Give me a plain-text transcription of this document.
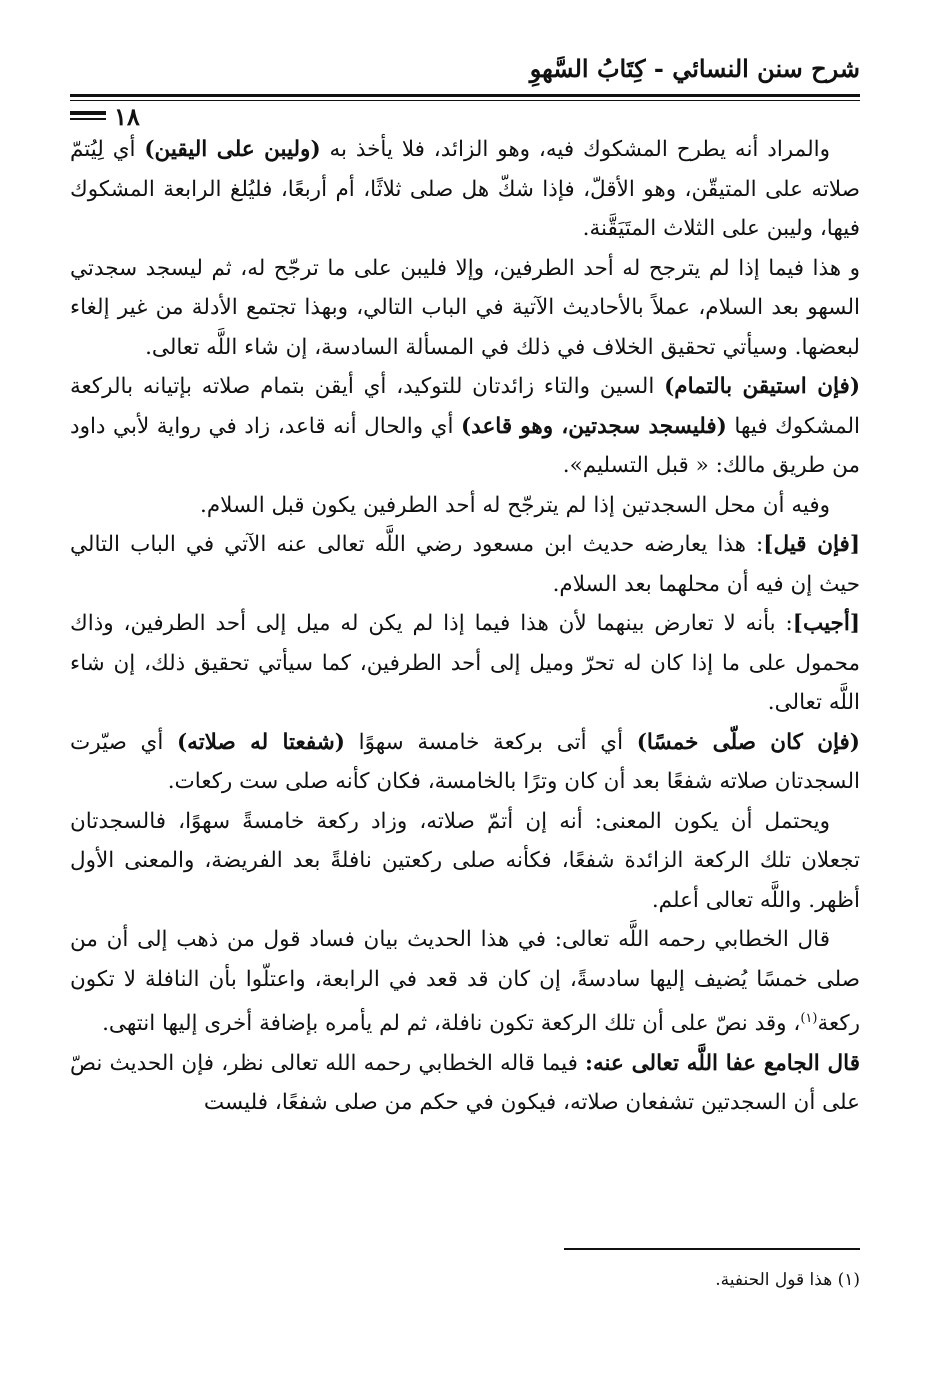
شرح سنن النسائي - كِتَابُ السَّهوِ
١٨

والمراد أنه يطرح المشكوك فيه، وهو الزائد، فلا يأخذ به (وليبن على اليقين) أي لِيُتمّ صلاته على المتيقّن، وهو الأقلّ، فإذا شكّ هل صلى ثلاثًا، أم أربعًا، فليُلغ الرابعة المشكوك فيها، وليبن على الثلاث المتَيَقَّنة.

و هذا فيما إذا لم يترجح له أحد الطرفين، وإلا فليبن على ما ترجّح له، ثم ليسجد سجدتي السهو بعد السلام، عملاً بالأحاديث الآتية في الباب التالي، وبهذا تجتمع الأدلة من غير إلغاء لبعضها. وسيأتي تحقيق الخلاف في ذلك في المسألة السادسة، إن شاء اللَّه تعالى.

(فإن استيقن بالتمام) السين والتاء زائدتان للتوكيد، أي أيقن بتمام صلاته بإتيانه بالركعة المشكوك فيها (فليسجد سجدتين، وهو قاعد) أي والحال أنه قاعد، زاد في رواية لأبي داود من طريق مالك: « قبل التسليم».

وفيه أن محل السجدتين إذا لم يترجّح له أحد الطرفين يكون قبل السلام.

[فإن قيل]: هذا يعارضه حديث ابن مسعود رضي اللَّه تعالى عنه الآتي في الباب التالي حيث إن فيه أن محلهما بعد السلام.

[أجيب]: بأنه لا تعارض بينهما لأن هذا فيما إذا لم يكن له ميل إلى أحد الطرفين، وذاك محمول على ما إذا كان له تحرّ وميل إلى أحد الطرفين، كما سيأتي تحقيق ذلك، إن شاء اللَّه تعالى.

(فإن كان صلّى خمسًا) أي أتى بركعة خامسة سهوًا (شفعتا له صلاته) أي صيّرت السجدتان صلاته شفعًا بعد أن كان وترًا بالخامسة، فكان كأنه صلى ست ركعات.

ويحتمل أن يكون المعنى: أنه إن أتمّ صلاته، وزاد ركعة خامسةً سهوًا، فالسجدتان تجعلان تلك الركعة الزائدة شفعًا، فكأنه صلى ركعتين نافلةً بعد الفريضة، والمعنى الأول أظهر. واللَّه تعالى أعلم.

قال الخطابي رحمه اللَّه تعالى: في هذا الحديث بيان فساد قول من ذهب إلى أن من صلى خمسًا يُضيف إليها سادسةً، إن كان قد قعد في الرابعة، واعتلّوا بأن النافلة لا تكون ركعة$^{(١)}$، وقد نصّ على أن تلك الركعة تكون نافلة، ثم لم يأمره بإضافة أخرى إليها انتهى.

قال الجامع عفا اللَّه تعالى عنه: فيما قاله الخطابي رحمه الله تعالى نظر، فإن الحديث نصّ على أن السجدتين تشفعان صلاته، فيكون في حكم من صلى شفعًا، فليست

(١) هذا قول الحنفية.
